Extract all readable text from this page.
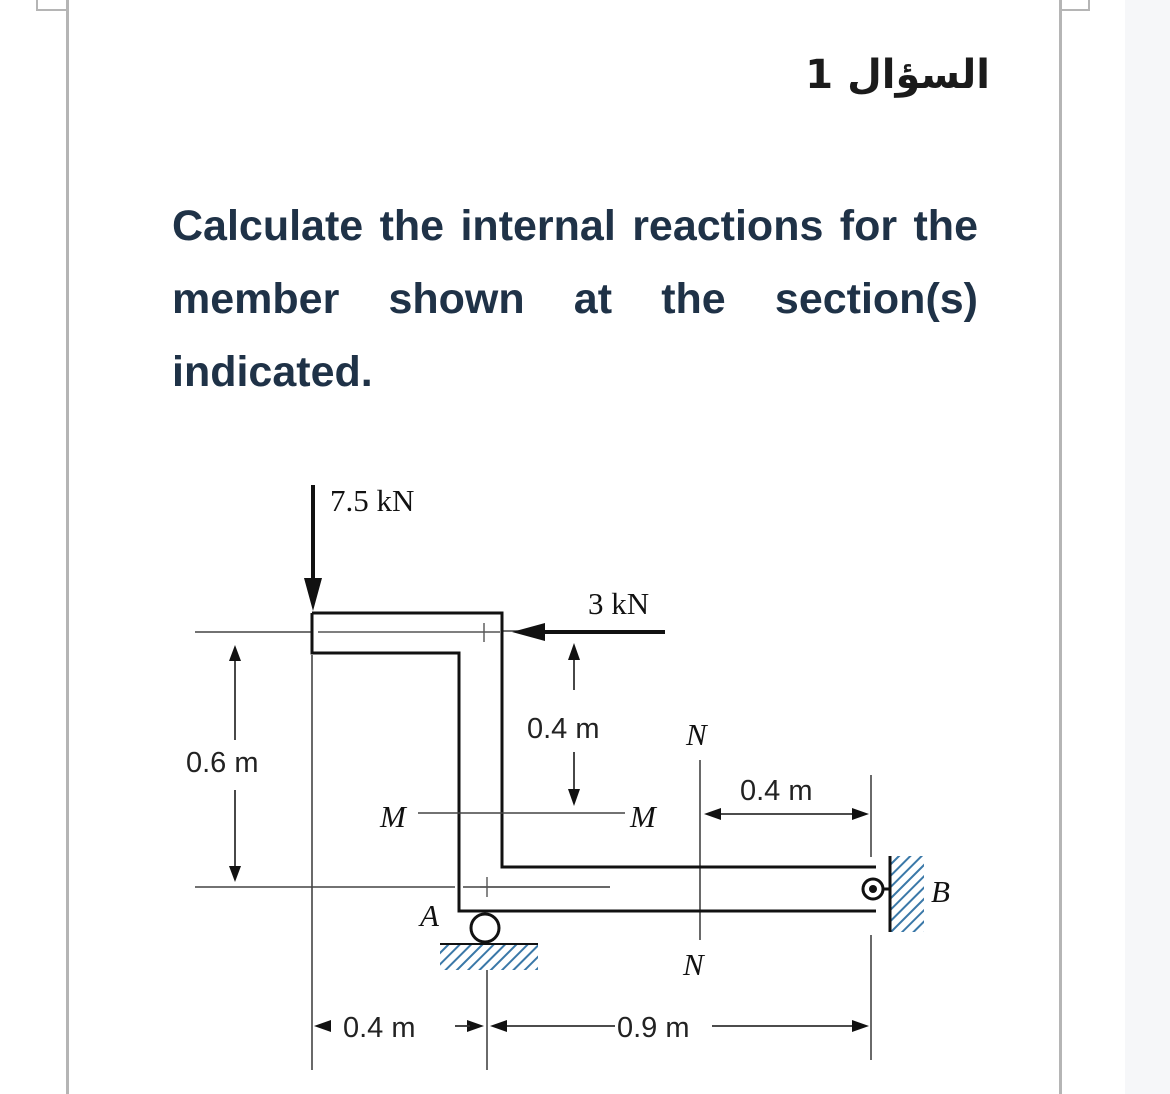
السؤال 1
Calculate the internal reactions for the member shown at the section(s) indicated.
0.6 m
7.5 kN
3 kN
0.4 m
M	M
N
N
0.4 m
A
B
0.4 m	0.9 m
